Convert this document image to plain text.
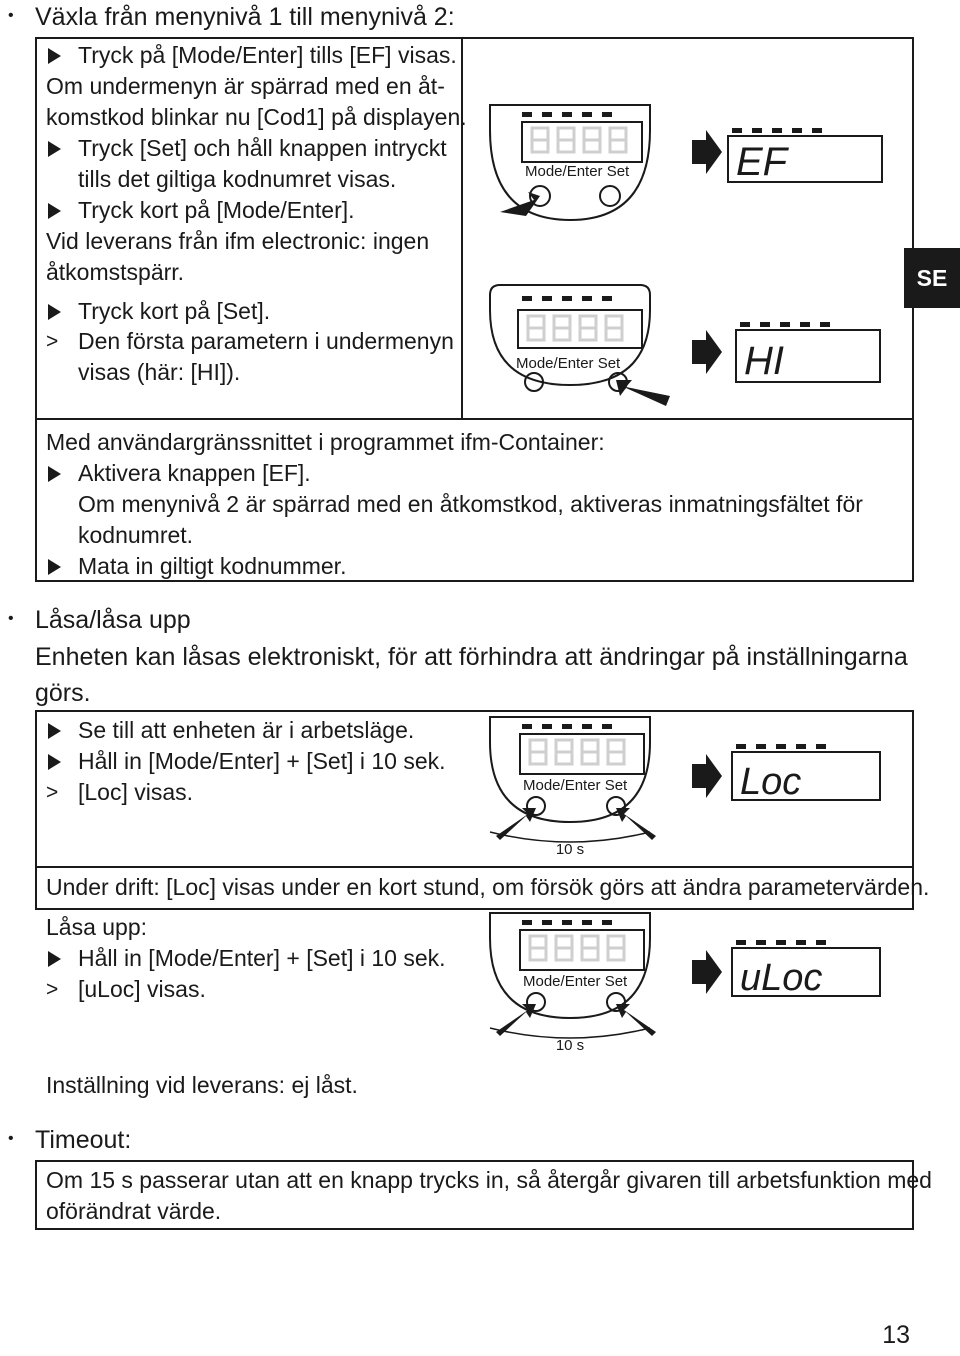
• Växla från menynivå 1 till menynivå 2:
Tryck på [Mode/Enter] tills [EF] visas.
Om undermenyn är spärrad med en åt-
komstkod blinkar nu [Cod1] på displayen.
Tryck [Set] och håll knappen intryckt
tills det giltiga kodnumret visas.
Tryck kort på [Mode/Enter].
Vid leverans från ifm electronic: ingen
åtkomstspärr.
Tryck kort på [Set].
> Den första parametern i undermenyn
visas (här: [HI]).
Mode/Enter Set	EF
Mode/Enter Set	HI
Med användargränssnittet i programmet ifm-Container:
Aktivera knappen [EF].
Om menynivå 2 är spärrad med en åtkomstkod, aktiveras inmatningsfältet för
kodnumret.
Mata in giltigt kodnummer.
SE
• Låsa/låsa upp
Enheten kan låsas elektroniskt, för att förhindra att ändringar på inställningarna
görs.
Se till att enheten är i arbetsläge.
Håll in [Mode/Enter] + [Set] i 10 sek.
> [Loc] visas.	Mode/Enter Set
10 s
Loc
Under drift: [Loc] visas under en kort stund, om försök görs att ändra parametervärden.
Låsa upp:
Håll in [Mode/Enter] + [Set] i 10 sek.
> [uLoc] visas.	Mode/Enter Set
10 s
uLoc
Inställning vid leverans: ej låst.
• Timeout:
Om 15 s passerar utan att en knapp trycks in, så återgår givaren till arbetsfunktion med
oförändrat värde.
13
